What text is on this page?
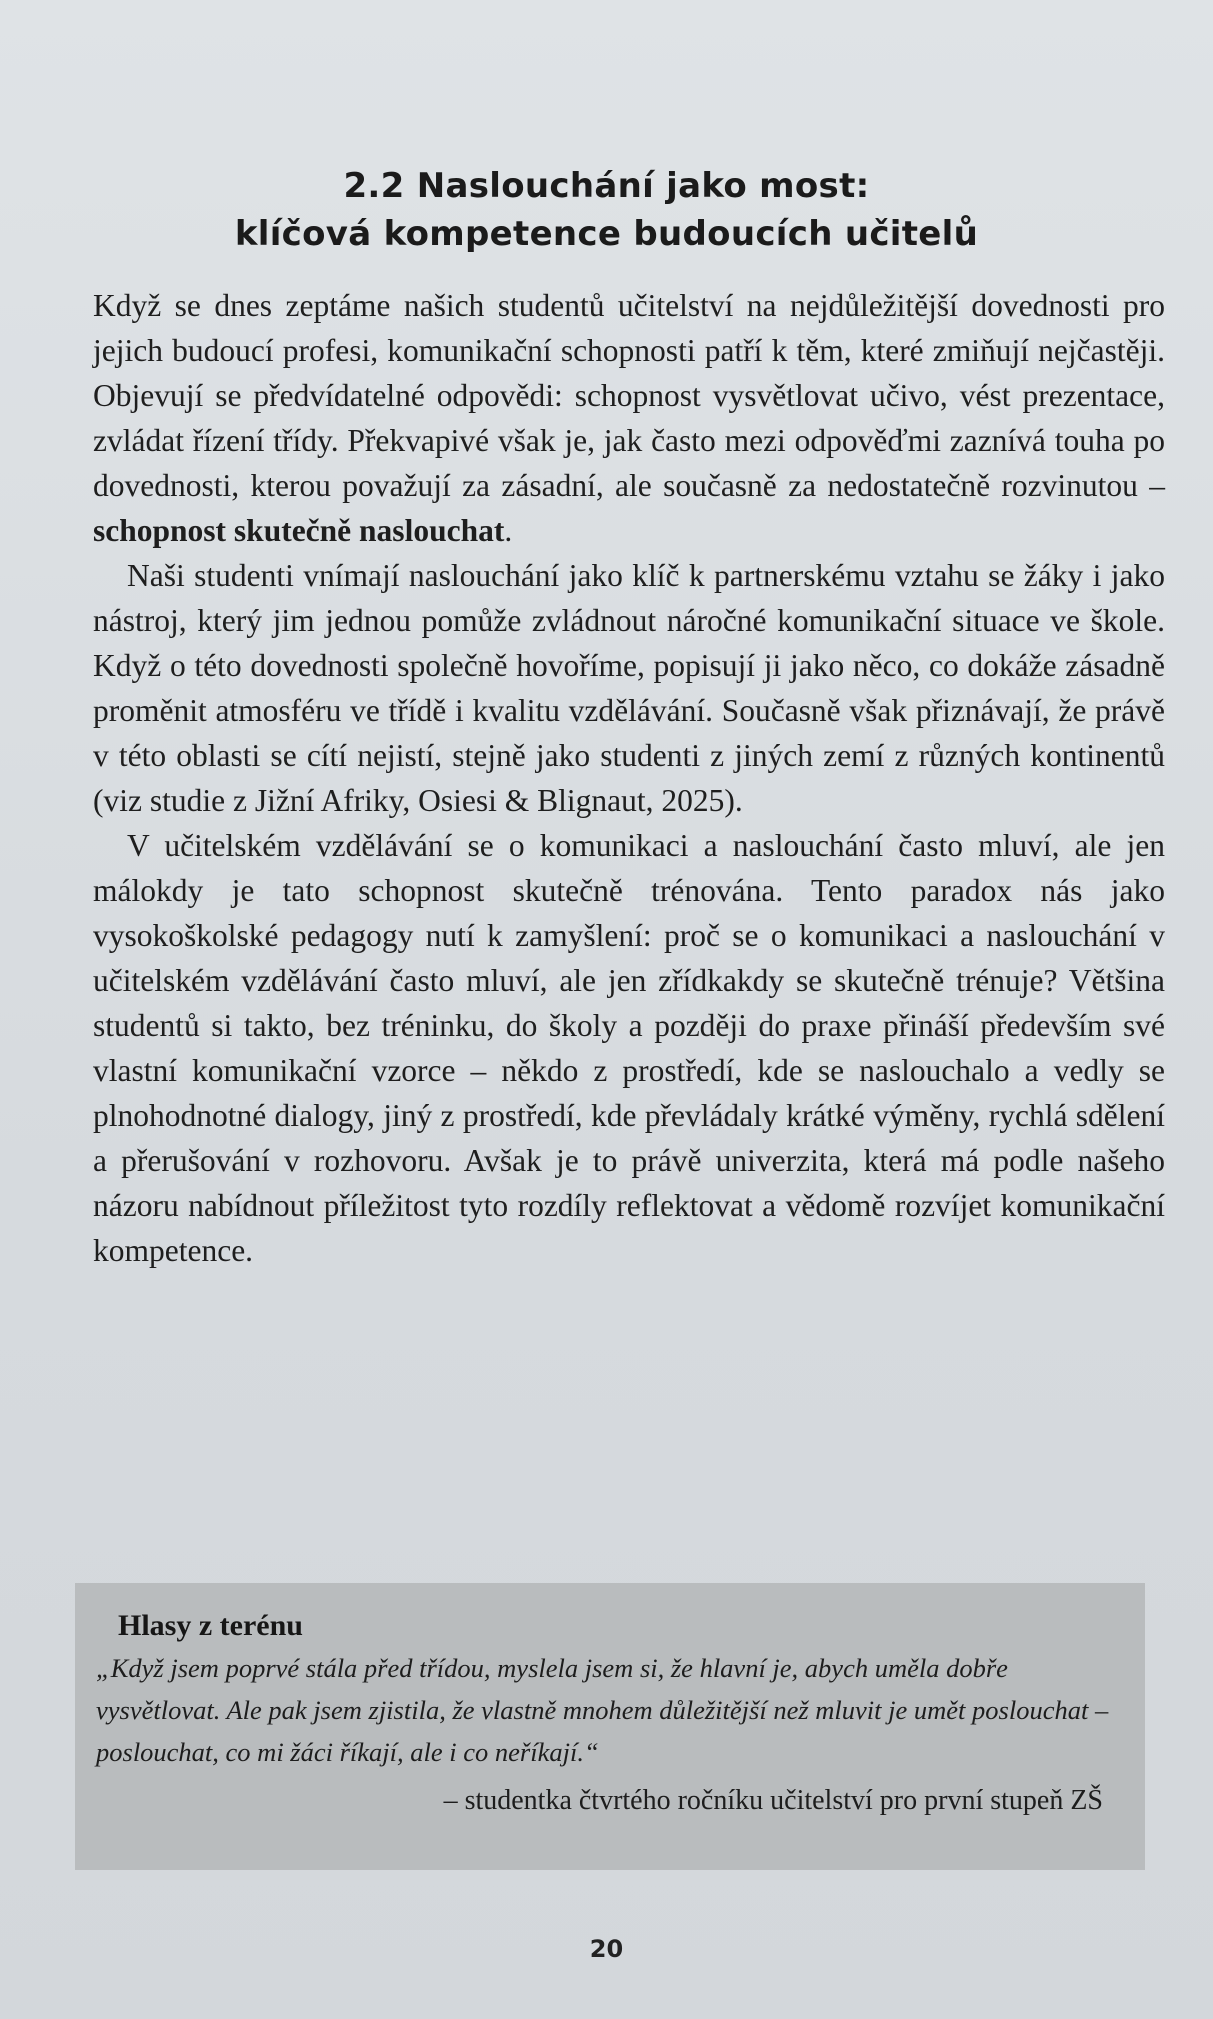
2.2 Naslouchání jako most:
klíčová kompetence budoucích učitelů

Když se dnes zeptáme našich studentů učitelství na nejdůležitější dovednosti pro jejich budoucí profesi, komunikační schopnosti patří k těm, které zmiňují nejčastěji. Objevují se předvídatelné odpovědi: schopnost vysvětlovat učivo, vést prezentace, zvládat řízení třídy. Překvapivé však je, jak často mezi odpověďmi zaznívá touha po dovednosti, kterou považují za zásadní, ale současně za nedostatečně rozvinutou – schopnost skutečně naslouchat.

Naši studenti vnímají naslouchání jako klíč k partnerskému vztahu se žáky i jako nástroj, který jim jednou pomůže zvládnout náročné komunikační situace ve škole. Když o této dovednosti společně hovoříme, popisují ji jako něco, co dokáže zásadně proměnit atmosféru ve třídě i kvalitu vzdělávání. Současně však přiznávají, že právě v této oblasti se cítí nejistí, stejně jako studenti z jiných zemí z různých kontinentů (viz studie z Jižní Afriky, Osiesi & Blignaut, 2025).

V učitelském vzdělávání se o komunikaci a naslouchání často mluví, ale jen málokdy je tato schopnost skutečně trénována. Tento paradox nás jako vysokoškolské pedagogy nutí k zamyšlení: proč se o komunikaci a naslouchání v učitelském vzdělávání často mluví, ale jen zřídkakdy se skutečně trénuje? Většina studentů si takto, bez tréninku, do školy a později do praxe přináší především své vlastní komunikační vzorce – někdo z prostředí, kde se naslouchalo a vedly se plnohodnotné dialogy, jiný z prostředí, kde převládaly krátké výměny, rychlá sdělení a přerušování v rozhovoru. Avšak je to právě univerzita, která má podle našeho názoru nabídnout příležitost tyto rozdíly reflektovat a vědomě rozvíjet komunikační kompetence.

Hlasy z terénu
„Když jsem poprvé stála před třídou, myslela jsem si, že hlavní je, abych uměla dobře vysvětlovat. Ale pak jsem zjistila, že vlastně mnohem důležitější než mluvit je umět poslouchat – poslouchat, co mi žáci říkají, ale i co neříkají.“
– studentka čtvrtého ročníku učitelství pro první stupeň ZŠ
20
